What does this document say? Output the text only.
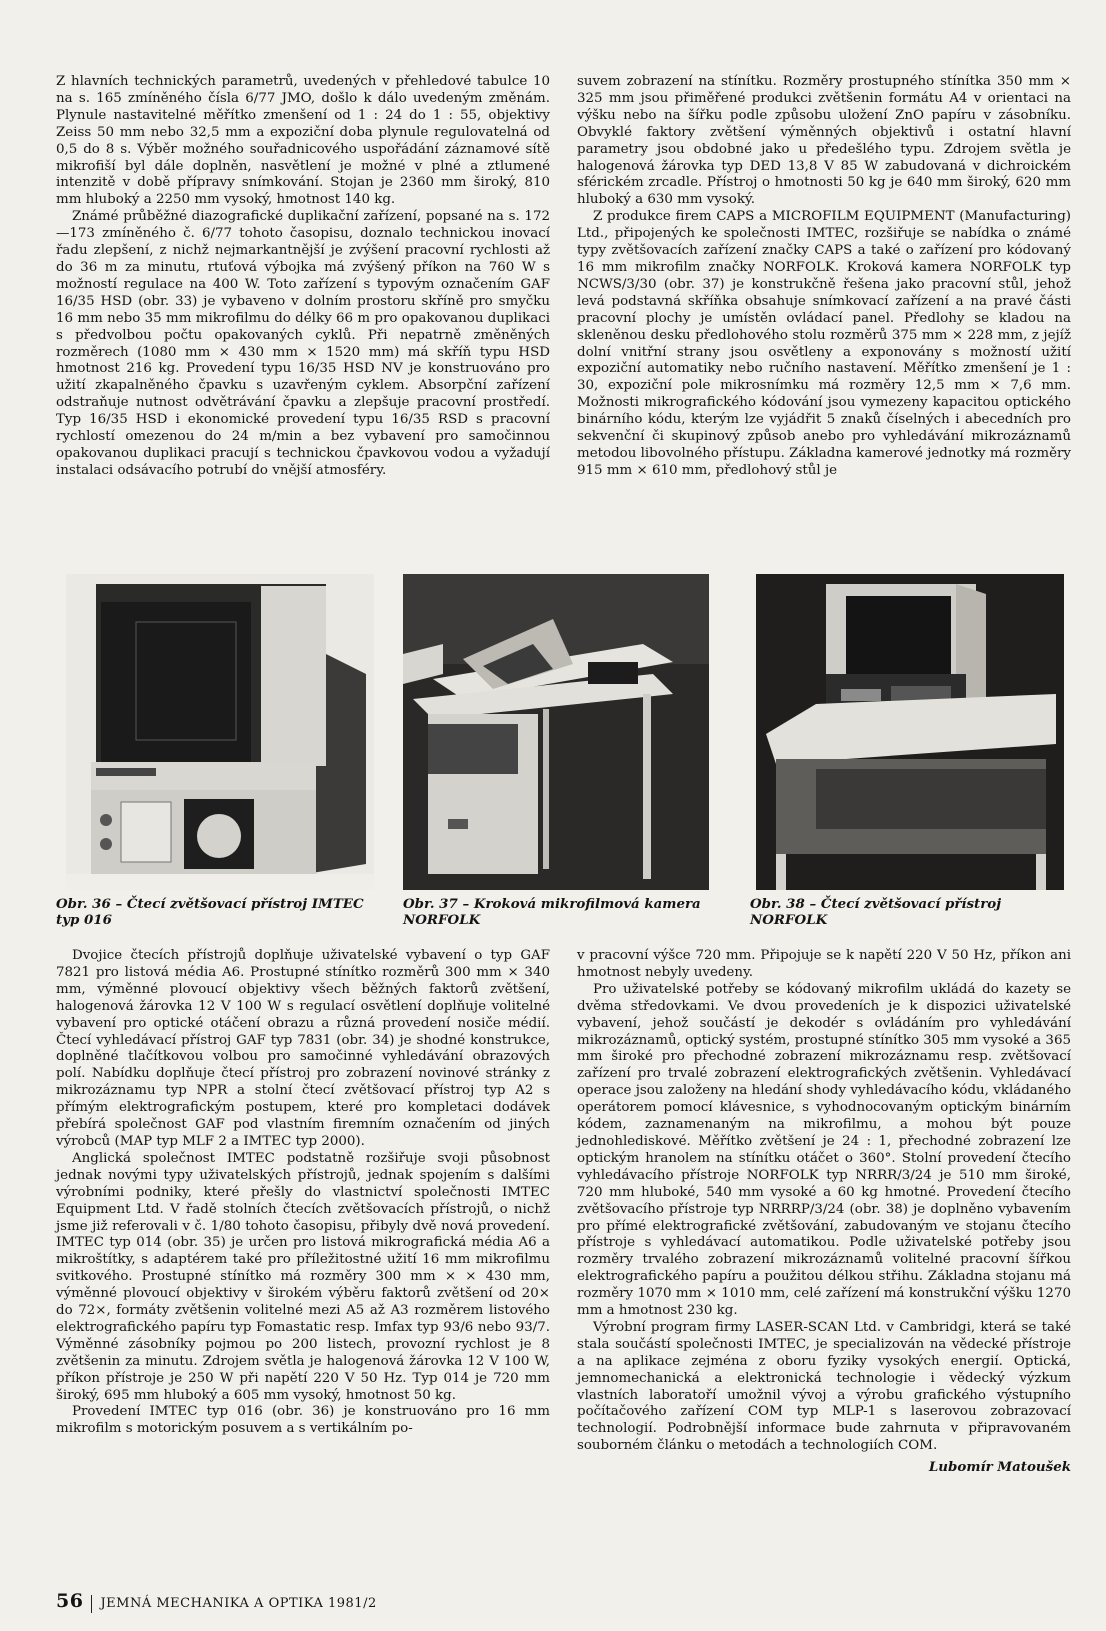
Z hlavních technických parametrů, uvedených v přehledové tabulce 10 na s. 165 zmíněného čísla 6/77 JMO, došlo k dálo uvedeným změnám. Plynule nastavitelné měřítko zmenšení od 1 : 24 do 1 : 55, objektivy Zeiss 50 mm nebo 32,5 mm a expoziční doba plynule regulovatelná od 0,5 do 8 s. Výběr možného souřadnicového uspořádání záznamové sítě mikrofiší byl dále doplněn, nasvětlení je možné v plné a ztlumené intenzitě v době přípravy snímkování. Stojan je 2360 mm široký, 810 mm hluboký a 2250 mm vysoký, hmotnost 140 kg.

Známé průběžné diazografické duplikační zařízení, popsané na s. 172—173 zmíněného č. 6/77 tohoto časopisu, doznalo technickou inovací řadu zlepšení, z nichž nejmarkantnější je zvýšení pracovní rychlosti až do 36 m za minutu, rtuťová výbojka má zvýšený příkon na 760 W s možností regulace na 400 W. Toto zařízení s typovým označením GAF 16/35 HSD (obr. 33) je vybaveno v dolním prostoru skříně pro smyčku 16 mm nebo 35 mm mikrofilmu do délky 66 m pro opakovanou duplikaci s předvolbou počtu opakovaných cyklů. Při nepatrně změněných rozměrech (1080 mm × 430 mm × 1520 mm) má skříň typu HSD hmotnost 216 kg. Provedení typu 16/35 HSD NV je konstruováno pro užití zkapalněného čpavku s uzavřeným cyklem. Absorpční zařízení odstraňuje nutnost odvětrávání čpavku a zlepšuje pracovní prostředí. Typ 16/35 HSD i ekonomické provedení typu 16/35 RSD s pracovní rychlostí omezenou do 24 m/min a bez vybavení pro samočinnou opakovanou duplikaci pracují s technickou čpavkovou vodou a vyžadují instalaci odsávacího potrubí do vnější atmosféry.

suvem zobrazení na stínítku. Rozměry prostupného stínítka 350 mm × 325 mm jsou přiměřené produkci zvětšenin formátu A4 v orientaci na výšku nebo na šířku podle způsobu uložení ZnO papíru v zásobníku. Obvyklé faktory zvětšení výměnných objektivů i ostatní hlavní parametry jsou obdobné jako u předešlého typu. Zdrojem světla je halogenová žárovka typ DED 13,8 V 85 W zabudovaná v dichroickém sférickém zrcadle. Přístroj o hmotnosti 50 kg je 640 mm široký, 620 mm hluboký a 630 mm vysoký.

Z produkce firem CAPS a MICROFILM EQUIPMENT (Manufacturing) Ltd., připojených ke společnosti IMTEC, rozšiřuje se nabídka o známé typy zvětšovacích zařízení značky CAPS a také o zařízení pro kódovaný 16 mm mikrofilm značky NORFOLK. Kroková kamera NORFOLK typ NCWS/3/30 (obr. 37) je konstrukčně řešena jako pracovní stůl, jehož levá podstavná skříňka obsahuje snímkovací zařízení a na pravé části pracovní plochy je umístěn ovládací panel. Předlohy se kladou na skleněnou desku předlohového stolu rozměrů 375 mm × 228 mm, z jejíž dolní vnitřní strany jsou osvětleny a exponovány s možností užití expoziční automatiky nebo ručního nastavení. Měřítko zmenšení je 1 : 30, expoziční pole mikrosnímku má rozměry 12,5 mm × 7,6 mm. Možnosti mikrografického kódování jsou vymezeny kapacitou optického binárního kódu, kterým lze vyjádřit 5 znaků číselných i abecedních pro sekvenční či skupinový způsob anebo pro vyhledávání mikrozáznamů metodou libovolného přístupu. Základna kamerové jednotky má rozměry 915 mm × 610 mm, předlohový stůl je

Obr. 36 – Čtecí zvětšovací přístroj IMTEC typ 016
Obr. 37 – Kroková mikrofilmová kamera NORFOLK
Obr. 38 – Čtecí zvětšovací přístroj NORFOLK

Dvojice čtecích přístrojů doplňuje uživatelské vybavení o typ GAF 7821 pro listová média A6. Prostupné stínítko rozměrů 300 mm × 340 mm, výměnné plovoucí objektivy všech běžných faktorů zvětšení, halogenová žárovka 12 V 100 W s regulací osvětlení doplňuje volitelné vybavení pro optické otáčení obrazu a různá provedení nosiče médií. Čtecí vyhledávací přístroj GAF typ 7831 (obr. 34) je shodné konstrukce, doplněné tlačítkovou volbou pro samočinné vyhledávání obrazových polí. Nabídku doplňuje čtecí přístroj pro zobrazení novinové stránky z mikrozáznamu typ NPR a stolní čtecí zvětšovací přístroj typ A2 s přímým elektrografickým postupem, které pro kompletaci dodávek přebírá společnost GAF pod vlastním firemním označením od jiných výrobců (MAP typ MLF 2 a IMTEC typ 2000).

Anglická společnost IMTEC podstatně rozšiřuje svoji působnost jednak novými typy uživatelských přístrojů, jednak spojením s dalšími výrobními podniky, které přešly do vlastnictví společnosti IMTEC Equipment Ltd. V řadě stolních čtecích zvětšovacích přístrojů, o nichž jsme již referovali v č. 1/80 tohoto časopisu, přibyly dvě nová provedení. IMTEC typ 014 (obr. 35) je určen pro listová mikrografická média A6 a mikroštítky, s adaptérem také pro příležitostné užití 16 mm mikrofilmu svitkového. Prostupné stínítko má rozměry 300 mm × × 430 mm, výměnné plovoucí objektivy v širokém výběru faktorů zvětšení od 20× do 72×, formáty zvětšenin volitelné mezi A5 až A3 rozměrem listového elektrografického papíru typ Fomastatic resp. Imfax typ 93/6 nebo 93/7. Výměnné zásobníky pojmou po 200 listech, provozní rychlost je 8 zvětšenin za minutu. Zdrojem světla je halogenová žárovka 12 V 100 W, příkon přístroje je 250 W při napětí 220 V 50 Hz. Typ 014 je 720 mm široký, 695 mm hluboký a 605 mm vysoký, hmotnost 50 kg.

Provedení IMTEC typ 016 (obr. 36) je konstruováno pro 16 mm mikrofilm s motorickým posuvem a s vertikálním po-

v pracovní výšce 720 mm. Připojuje se k napětí 220 V 50 Hz, příkon ani hmotnost nebyly uvedeny.

Pro uživatelské potřeby se kódovaný mikrofilm ukládá do kazety se dvěma středovkami. Ve dvou provedeních je k dispozici uživatelské vybavení, jehož součástí je dekodér s ovládáním pro vyhledávání mikrozáznamů, optický systém, prostupné stínítko 305 mm vysoké a 365 mm široké pro přechodné zobrazení mikrozáznamu resp. zvětšovací zařízení pro trvalé zobrazení elektrografických zvětšenin. Vyhledávací operace jsou založeny na hledání shody vyhledávacího kódu, vkládaného operátorem pomocí klávesnice, s vyhodnocovaným optickým binárním kódem, zaznamenaným na mikrofilmu, a mohou být pouze jednohlediskové. Měřítko zvětšení je 24 : 1, přechodné zobrazení lze optickým hranolem na stínítku otáčet o 360°. Stolní provedení čtecího vyhledávacího přístroje NORFOLK typ NRRR/3/24 je 510 mm široké, 720 mm hluboké, 540 mm vysoké a 60 kg hmotné. Provedení čtecího zvětšovacího přístroje typ NRRRP/3/24 (obr. 38) je doplněno vybavením pro přímé elektrografické zvětšování, zabudovaným ve stojanu čtecího přístroje s vyhledávací automatikou. Podle uživatelské potřeby jsou rozměry trvalého zobrazení mikrozáznamů volitelné pracovní šířkou elektrografického papíru a použitou délkou střihu. Základna stojanu má rozměry 1070 mm × 1010 mm, celé zařízení má konstrukční výšku 1270 mm a hmotnost 230 kg.

Výrobní program firmy LASER-SCAN Ltd. v Cambridgi, která se také stala součástí společnosti IMTEC, je specializován na vědecké přístroje a na aplikace zejména z oboru fyziky vysokých energií. Optická, jemnomechanická a elektronická technologie i vědecký výzkum vlastních laboratoří umožnil vývoj a výrobu grafického výstupního počítačového zařízení COM typ MLP-1 s laserovou zobrazovací technologií. Podrobnější informace bude zahrnuta v připravovaném souborném článku o metodách a technologiích COM.

Lubomír Matoušek

56 JEMNÁ MECHANIKA A OPTIKA 1981/2
